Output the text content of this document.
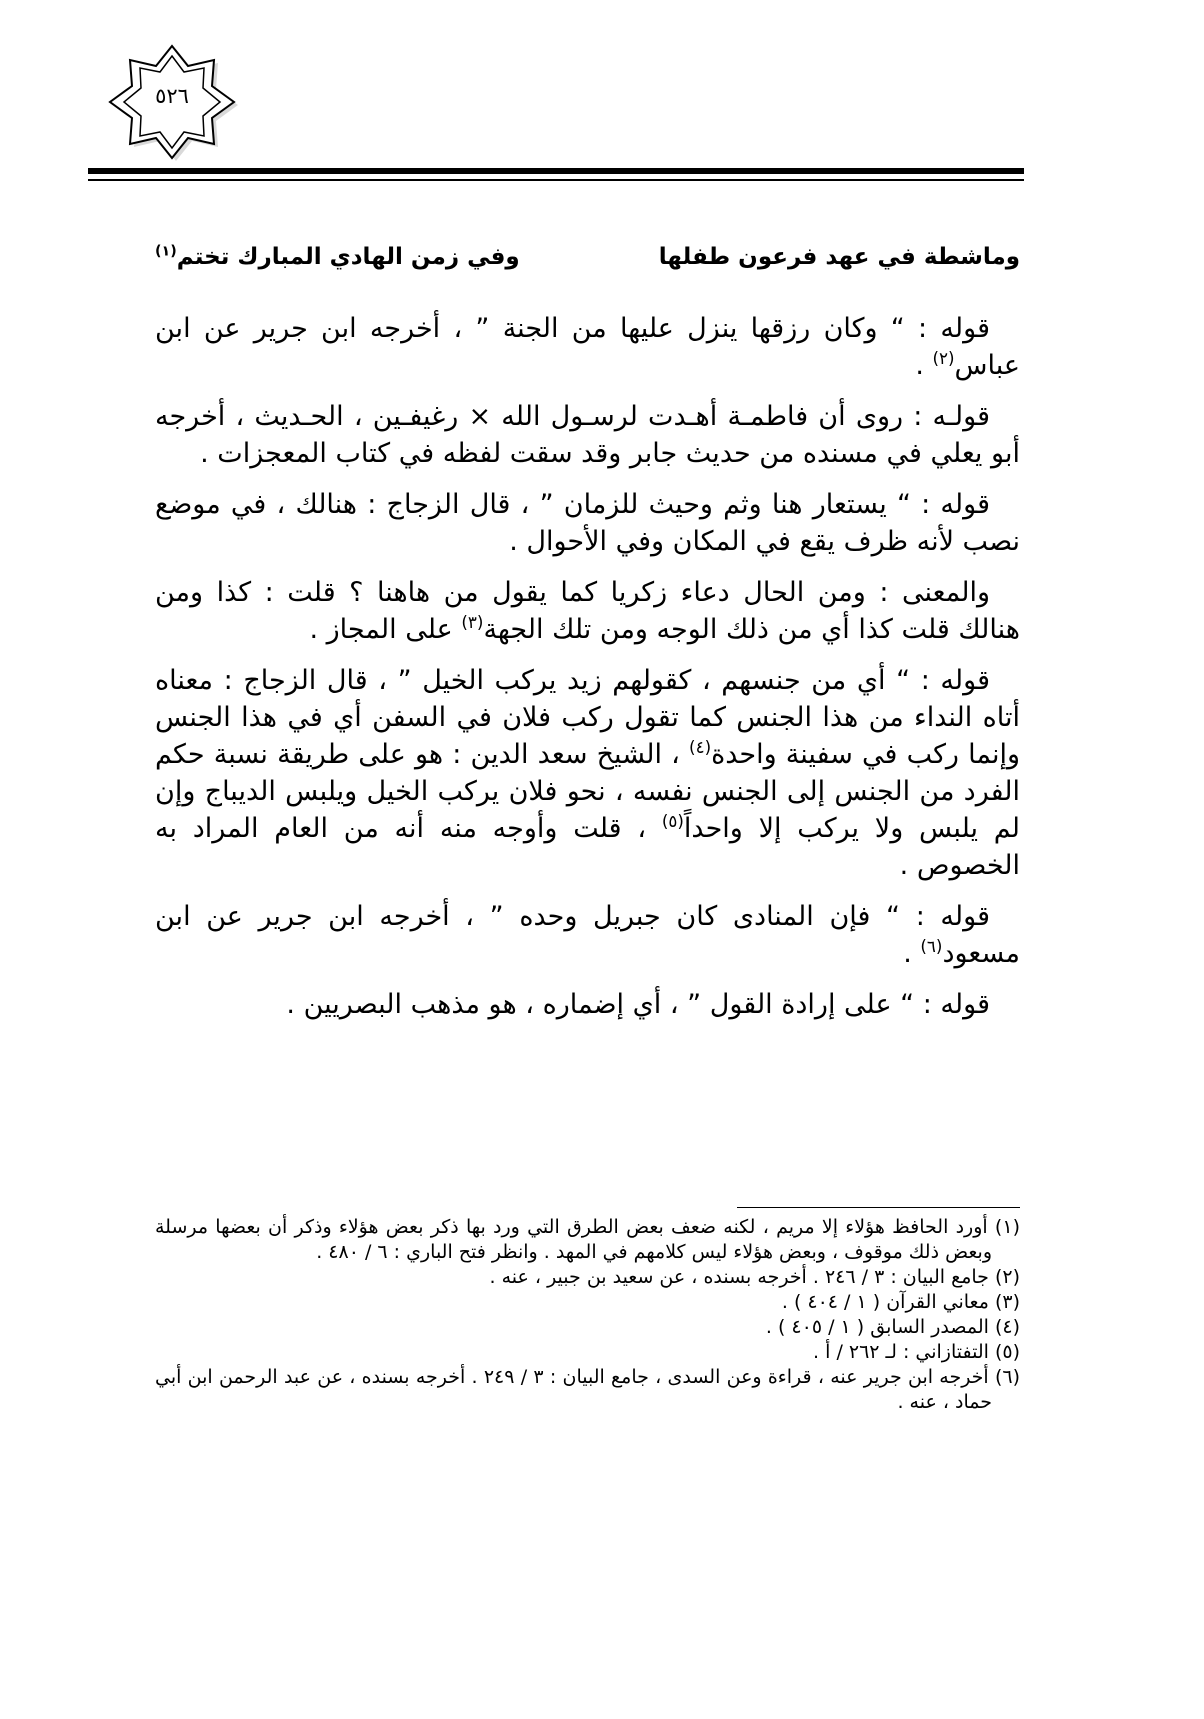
٥٢٦
وماشطة في عهد فرعون طفلها
وفي زمن الهادي المبارك تختم$^{(١)}$

قوله : “ وكان رزقها ينزل عليها من الجنة ” ، أخرجه ابن جرير عن ابن عباس$^{(٢)}$ .

قولـه : روى أن فاطمـة أهـدت لرسـول الله × رغيفـين ، الحـديث ، أخرجه أبو يعلي في مسنده من حديث جابر وقد سقت لفظه في كتاب المعجزات .

قوله : “ يستعار هنا وثم وحيث للزمان ” ، قال الزجاج : هنالك ، في موضع نصب لأنه ظرف يقع في المكان وفي الأحوال .

والمعنى : ومن الحال دعاء زكريا كما يقول من هاهنا ؟ قلت : كذا ومن هنالك قلت كذا أي من ذلك الوجه ومن تلك الجهة$^{(٣)}$ على المجاز .

قوله : “ أي من جنسهم ، كقولهم زيد يركب الخيل ” ، قال الزجاج : معناه أتاه النداء من هذا الجنس كما تقول ركب فلان في السفن أي في هذا الجنس وإنما ركب في سفينة واحدة$^{(٤)}$ ، الشيخ سعد الدين : هو على طريقة نسبة حكم الفرد من الجنس إلى الجنس نفسه ، نحو فلان يركب الخيل ويلبس الديباج وإن لم يلبس ولا يركب إلا واحداً$^{(٥)}$ ، قلت وأوجه منه أنه من العام المراد به الخصوص .

قوله : “ فإن المنادى كان جبريل وحده ” ، أخرجه ابن جرير عن ابن مسعود$^{(٦)}$ .

قوله : “ على إرادة القول ” ، أي إضماره ، هو مذهب البصريين .

(١) أورد الحافظ هؤلاء إلا مريم ، لكنه ضعف بعض الطرق التي ورد بها ذكر بعض هؤلاء وذكر أن بعضها مرسلة وبعض ذلك موقوف ، وبعض هؤلاء ليس كلامهم في المهد . وانظر فتح الباري : ٦ / ٤٨٠ .

(٢) جامع البيان : ٣ / ٢٤٦ . أخرجه بسنده ، عن سعيد بن جبير ، عنه .

(٣) معاني القرآن ( ١ / ٤٠٤ ) .

(٤) المصدر السابق ( ١ / ٤٠٥ ) .

(٥) التفتازاني : لـ ٢٦٢ / أ .

(٦) أخرجه ابن جرير عنه ، قراءة وعن السدى ، جامع البيان : ٣ / ٢٤٩ . أخرجه بسنده ، عن عبد الرحمن ابن أبي حماد ، عنه .
